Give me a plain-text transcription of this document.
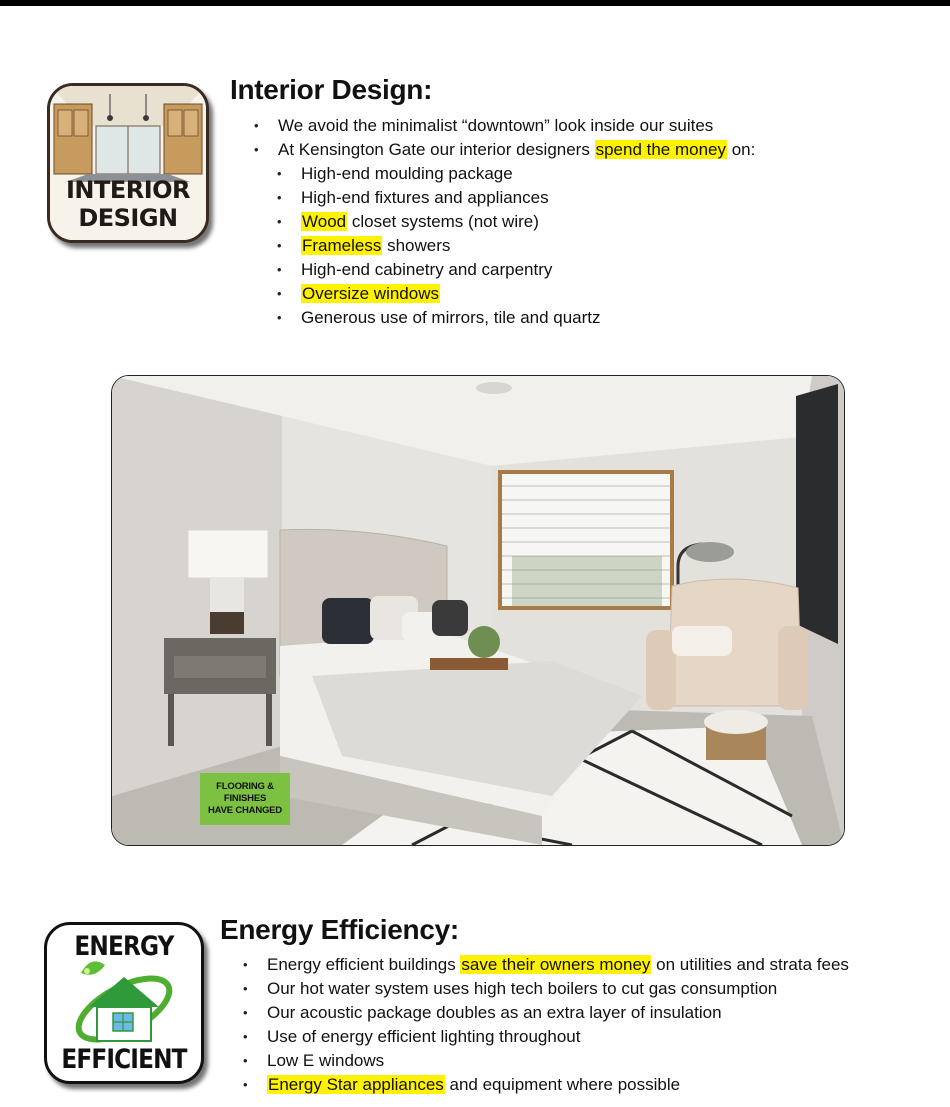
INTERIOR
DESIGN
Interior Design:
• We avoid the minimalist “downtown” look inside our suites
• At Kensington Gate our interior designers spend the money on:
• High-end moulding package
• High-end fixtures and appliances
• Wood closet systems (not wire)
• Frameless showers
• High-end cabinetry and carpentry
• Oversize windows
• Generous use of mirrors, tile and quartz
FLOORING &
FINISHES
HAVE CHANGED
ENERGY
EFFICIENT
Energy Efficiency:
• Energy efficient buildings save their owners money on utilities and strata fees
• Our hot water system uses high tech boilers to cut gas consumption
• Our acoustic package doubles as an extra layer of insulation
• Use of energy efficient lighting throughout
• Low E windows
• Energy Star appliances and equipment where possible
